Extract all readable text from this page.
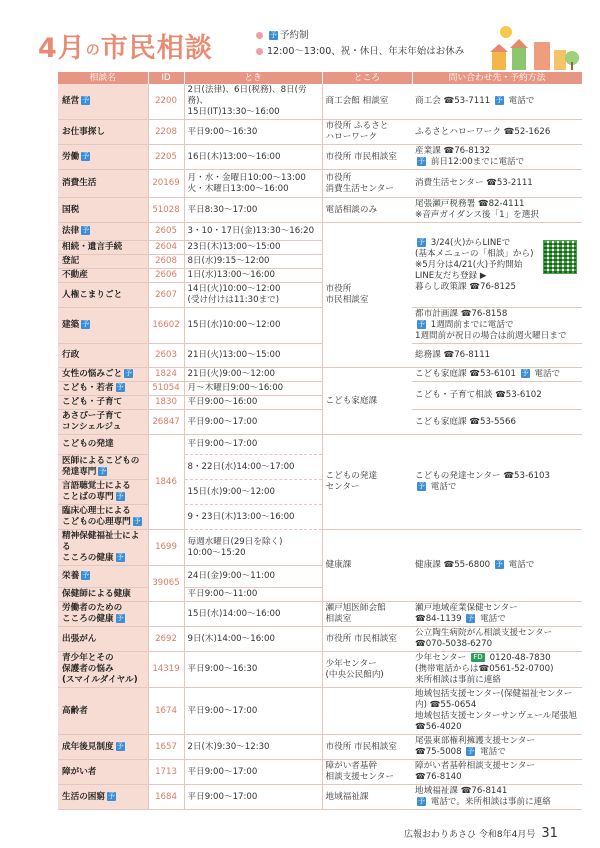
4月の市民相談	予 予約制
12:00～13:00、祝・休日、年末年始はお休み
相談名	ID	とき	ところ	問い合わせ先・予約方法
経営 予	2200	2日(法律)、6日(税務)、8日(労務)、
15日(IT)13:30～16:00	商工会館 相談室	商工会 ☎53-7111 予 電話で

お仕事探し	2208	平日9:00～16:30	市役所 ふるさと
ハローワーク	ふるさとハローワーク ☎52-1626

労働 予	2205	16日(木)13:00～16:00	市役所 市民相談室	産業課 ☎76-8132
予 前日12:00までに電話で

消費生活	20169	月・水・金曜日10:00～13:00
火・木曜日13:00～16:00	市役所
消費生活センター	消費生活センター ☎53-2111

国税	51028	平日8:30～17:00	電話相談のみ	尾張瀬戸税務署 ☎82-4111
※音声ガイダンス後「1」を選択

法律 予	2605	3・10・17日(金)13:30～16:20	市役所
市民相談室	予 3/24(火)からLINEで
(基本メニューの「相談」から)
※5月分は4/21(火)予約開始
LINE友だち登録 ▶
暮らし政策課 ☎76-8125

相続・遺言手続	2604	23日(木)13:00～15:00		

登記	2608	8日(水)9:15～12:00		

不動産	2606	1日(水)13:00～16:00		

人権こまりごと	2607	14日(火)10:00～12:00
(受け付けは11:30まで)		

建築 予	16602	15日(水)10:00～12:00		都市計画課 ☎76-8158
予 1週間前までに電話で
1週間前が祝日の場合は前週火曜日まで

行政	2603	21日(火)13:00～15:00		総務課 ☎76-8111

女性の悩みごと 予	1824	21日(火)9:00～12:00	こども家庭課	こども家庭課 ☎53-6101 予 電話で

こども・若者 予	51054	月～木曜日9:00～16:00		こども・子育て相談 ☎53-6102

こども・子育て	1830	平日9:00～16:00		

あさぴー子育て
コンシェルジュ	26847	平日9:00～17:00		こども家庭課 ☎53-5566

こどもの発達	1846	平日9:00～17:00	こどもの発達
センター	こどもの発達センター ☎53-6103
予 電話で

医師によるこどもの
発達専門 予		8・22日(水)14:00～17:00		

言語聴覚士による
ことばの専門 予		15日(水)9:00～12:00		

臨床心理士による
こどもの心理専門 予		9・23日(木)13:00～16:00		

精神保健福祉士による
こころの健康 予	1699	毎週水曜日(29日を除く)
10:00～15:20	健康課	健康課 ☎55-6800 予 電話で

栄養 予	39065	24日(金)9:00～11:00		

保健師による健康		平日9:00～11:00		

労働者のための
こころの健康 予		15日(水)14:00～16:00	瀬戸旭医師会館
相談室	瀬戸地域産業保健センター
☎84-1139 予 電話で

出張がん	2692	9日(木)14:00～16:00	市役所 市民相談室	公立陶生病院がん相談支援センター
☎070-5038-6270

青少年とその
保護者の悩み
(スマイルダイヤル)	14319	平日9:00～16:30	少年センター
(中央公民館内)	少年センター FD 0120-48-7830
(携帯電話からは☎0561-52-0700)
来所相談は事前に連絡

高齢者	1674	平日9:00～17:00		地域包括支援センター(保健福祉センター内) ☎55-0654
地域包括支援センターサンヴェール尾張旭 ☎56-4020

成年後見制度 予	1657	2日(木)9:30～12:30	市役所 市民相談室	尾張東部権利擁護支援センター
☎75-5008 予 電話で

障がい者	1713	平日9:00～17:00	障がい者基幹
相談支援センター	障がい者基幹相談支援センター
☎76-8140

生活の困窮 予	1684	平日9:00～17:00	地域福祉課	地域福祉課 ☎76-8141
予 電話で。来所相談は事前に連絡
広報おわりあさひ 令和8年4月号 31
